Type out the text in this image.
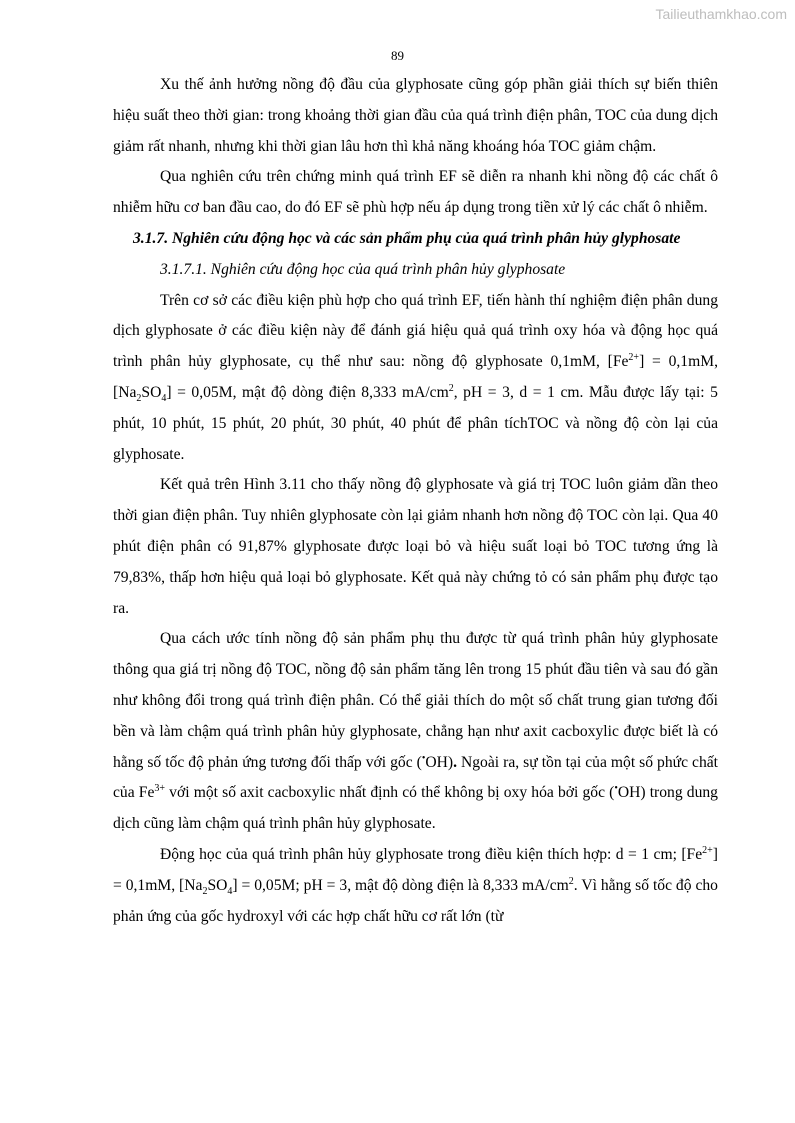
Tailieuthamkhao.com
89

Xu thế ảnh hưởng nồng độ đầu của glyphosate cũng góp phần giải thích sự biến thiên hiệu suất theo thời gian: trong khoảng thời gian đầu của quá trình điện phân, TOC của dung dịch giảm rất nhanh, nhưng khi thời gian lâu hơn thì khả năng khoáng hóa TOC giảm chậm.

Qua nghiên cứu trên chứng minh quá trình EF sẽ diễn ra nhanh khi nồng độ các chất ô nhiễm hữu cơ ban đầu cao, do đó EF sẽ phù hợp nếu áp dụng trong tiền xử lý các chất ô nhiễm.

3.1.7. Nghiên cứu động học và các sản phẩm phụ của quá trình phân hủy glyphosate

3.1.7.1. Nghiên cứu động học của quá trình phân hủy glyphosate

Trên cơ sở các điều kiện phù hợp cho quá trình EF, tiến hành thí nghiệm điện phân dung dịch glyphosate ở các điều kiện này để đánh giá hiệu quả quá trình oxy hóa và động học quá trình phân hủy glyphosate, cụ thể như sau: nồng độ glyphosate 0,1mM, $[Fe^{2+}] = 0,1mM$, $[Na_2SO_4] = 0,05M$, mật độ dòng điện 8,333 $mA/cm^2$, pH = 3, d = 1 cm. Mẫu được lấy tại: 5 phút, 10 phút, 15 phút, 20 phút, 30 phút, 40 phút để phân tíchTOC và nồng độ còn lại của glyphosate.

Kết quả trên Hình 3.11 cho thấy nồng độ glyphosate và giá trị TOC luôn giảm dần theo thời gian điện phân. Tuy nhiên glyphosate còn lại giảm nhanh hơn nồng độ TOC còn lại. Qua 40 phút điện phân có 91,87% glyphosate được loại bỏ và hiệu suất loại bỏ TOC tương ứng là 79,83%, thấp hơn hiệu quả loại bỏ glyphosate. Kết quả này chứng tỏ có sản phẩm phụ được tạo ra.

Qua cách ước tính nồng độ sản phẩm phụ thu được từ quá trình phân hủy glyphosate thông qua giá trị nồng độ TOC, nồng độ sản phẩm tăng lên trong 15 phút đầu tiên và sau đó gần như không đổi trong quá trình điện phân. Có thể giải thích do một số chất trung gian tương đối bền và làm chậm quá trình phân hủy glyphosate, chẳng hạn như axit cacboxylic được biết là có hằng số tốc độ phản ứng tương đối thấp với gốc (•OH). Ngoài ra, sự tồn tại của một số phức chất của $Fe^{3+}$ với một số axit cacboxylic nhất định có thể không bị oxy hóa bởi gốc (•OH) trong dung dịch cũng làm chậm quá trình phân hủy glyphosate.

Động học của quá trình phân hủy glyphosate trong điều kiện thích hợp: d = 1 cm; $[Fe^{2+}] = 0,1mM$, $[Na_2SO_4] = 0,05M$; pH = 3, mật độ dòng điện là 8,333 $mA/cm^2$. Vì hằng số tốc độ cho phản ứng của gốc hydroxyl với các hợp chất hữu cơ rất lớn (từ
